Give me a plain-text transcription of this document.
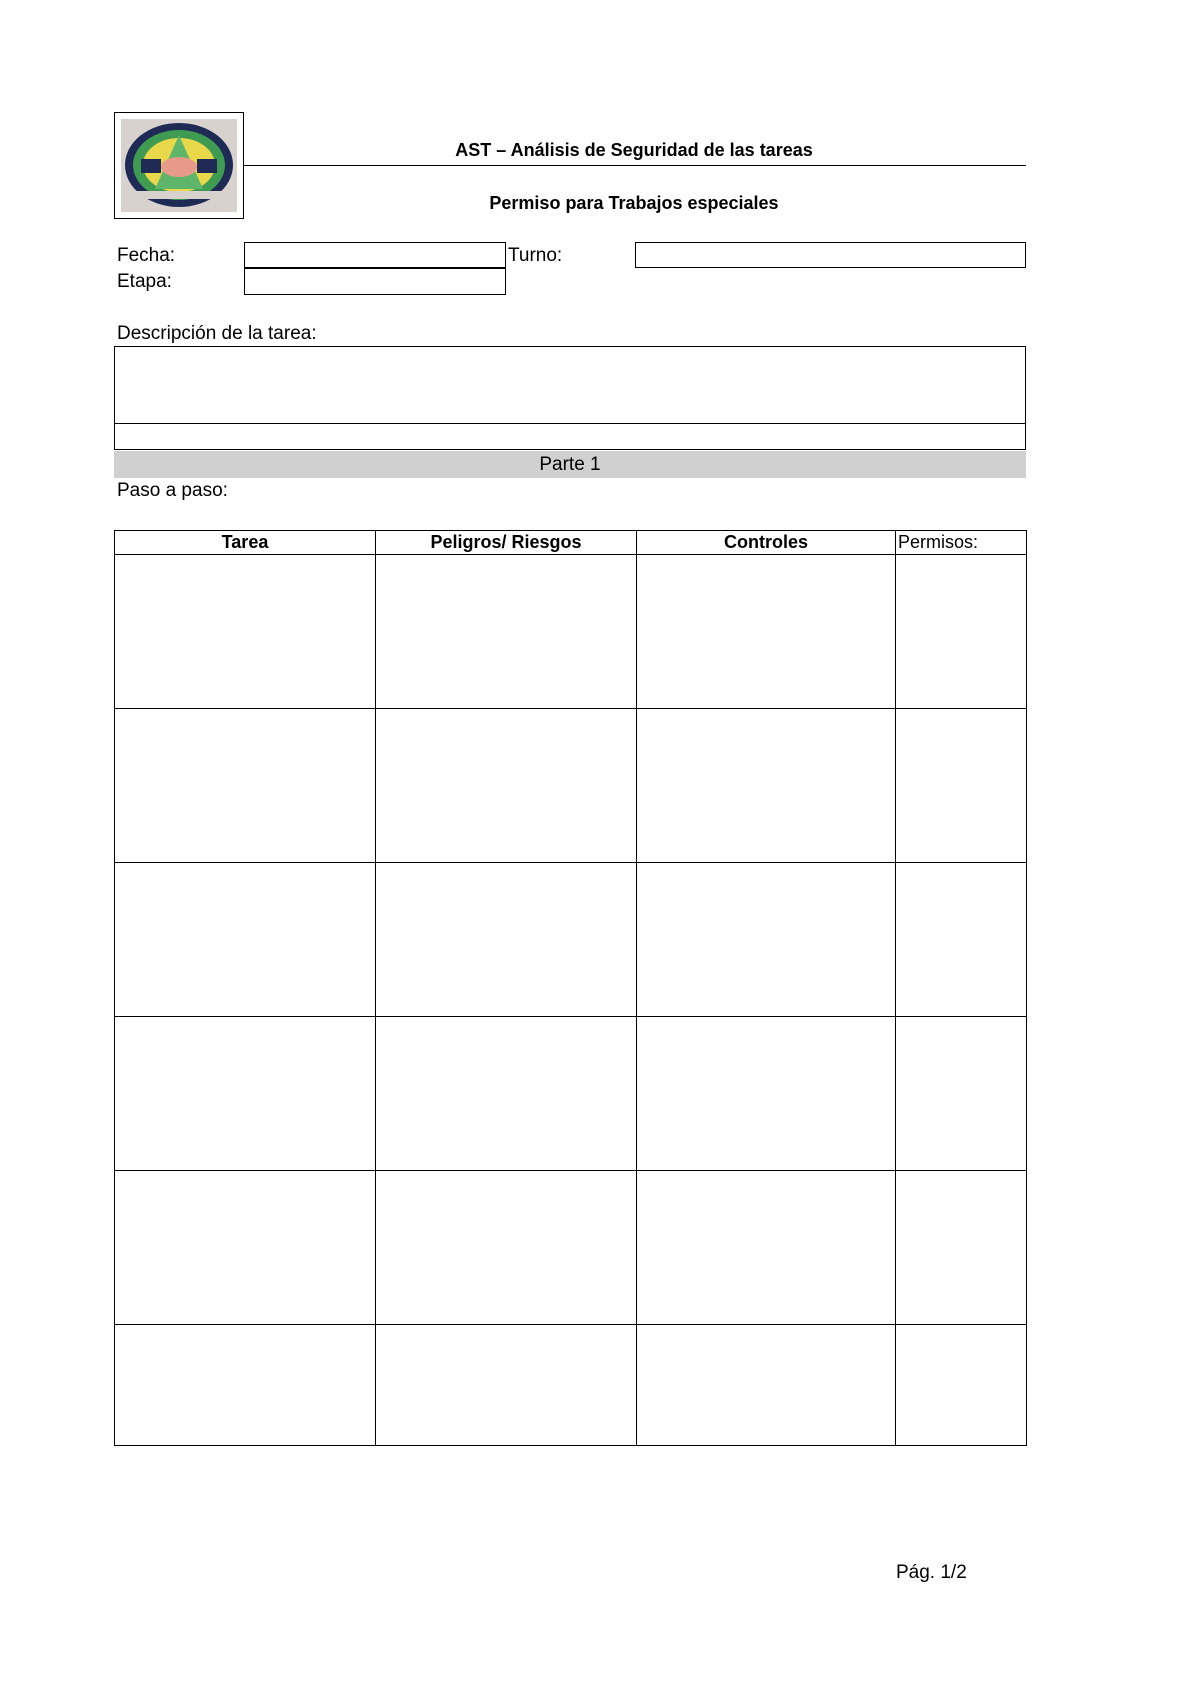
AST – Análisis de Seguridad de las tareas
Permiso para Trabajos especiales
Fecha:	Turno:
Etapa:
Descripción de la tarea:
Parte 1
Paso a paso:
Tarea	Peligros/ Riesgos	Controles	Permisos:

Pág. 1/2
